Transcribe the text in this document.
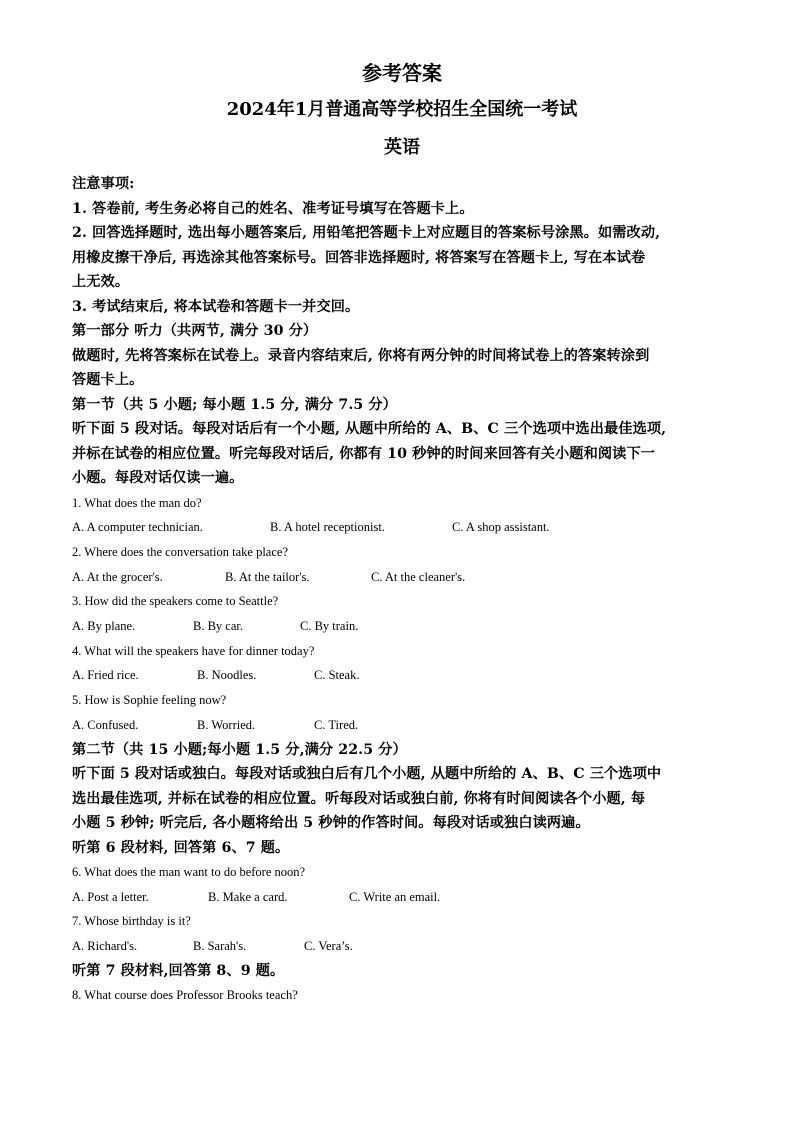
参考答案
2024年1月普通高等学校招生全国统一考试
英语

注意事项:

1. 答卷前, 考生务必将自己的姓名、准考证号填写在答题卡上。

2. 回答选择题时, 选出每小题答案后, 用铅笔把答题卡上对应题目的答案标号涂黑。如需改动,

用橡皮擦干净后, 再选涂其他答案标号。回答非选择题时, 将答案写在答题卡上, 写在本试卷

上无效。

3. 考试结束后, 将本试卷和答题卡一并交回。

第一部分 听力（共两节, 满分 30 分）

做题时, 先将答案标在试卷上。录音内容结束后, 你将有两分钟的时间将试卷上的答案转涂到

答题卡上。

第一节（共 5 小题; 每小题 1.5 分, 满分 7.5 分）

听下面 5 段对话。每段对话后有一个小题, 从题中所给的 A、B、C 三个选项中选出最佳选项,

并标在试卷的相应位置。听完每段对话后, 你都有 10 秒钟的时间来回答有关小题和阅读下一

小题。每段对话仅读一遍。

1. What does the man do?

A. A computer technician.	B. A hotel receptionist.	C. A shop assistant.

2. Where does the conversation take place?

A. At the grocer's.	B. At the tailor's.	C. At the cleaner's.

3. How did the speakers come to Seattle?

A. By plane.	B. By car.	C. By train.

4. What will the speakers have for dinner today?

A. Fried rice.	B. Noodles.	C. Steak.

5. How is Sophie feeling now?

A. Confused.	B. Worried.	C. Tired.

第二节（共 15 小题;每小题 1.5 分,满分 22.5 分）

听下面 5 段对话或独白。每段对话或独白后有几个小题, 从题中所给的 A、B、C 三个选项中

选出最佳选项, 并标在试卷的相应位置。听每段对话或独白前, 你将有时间阅读各个小题, 每

小题 5 秒钟; 听完后, 各小题将给出 5 秒钟的作答时间。每段对话或独白读两遍。

听第 6 段材料, 回答第 6、7 题。

6. What does the man want to do before noon?

A. Post a letter.	B. Make a card.	C. Write an email.

7. Whose birthday is it?

A. Richard's.	B. Sarah's.	C. Vera’s.

听第 7 段材料,回答第 8、9 题。

8. What course does Professor Brooks teach?
